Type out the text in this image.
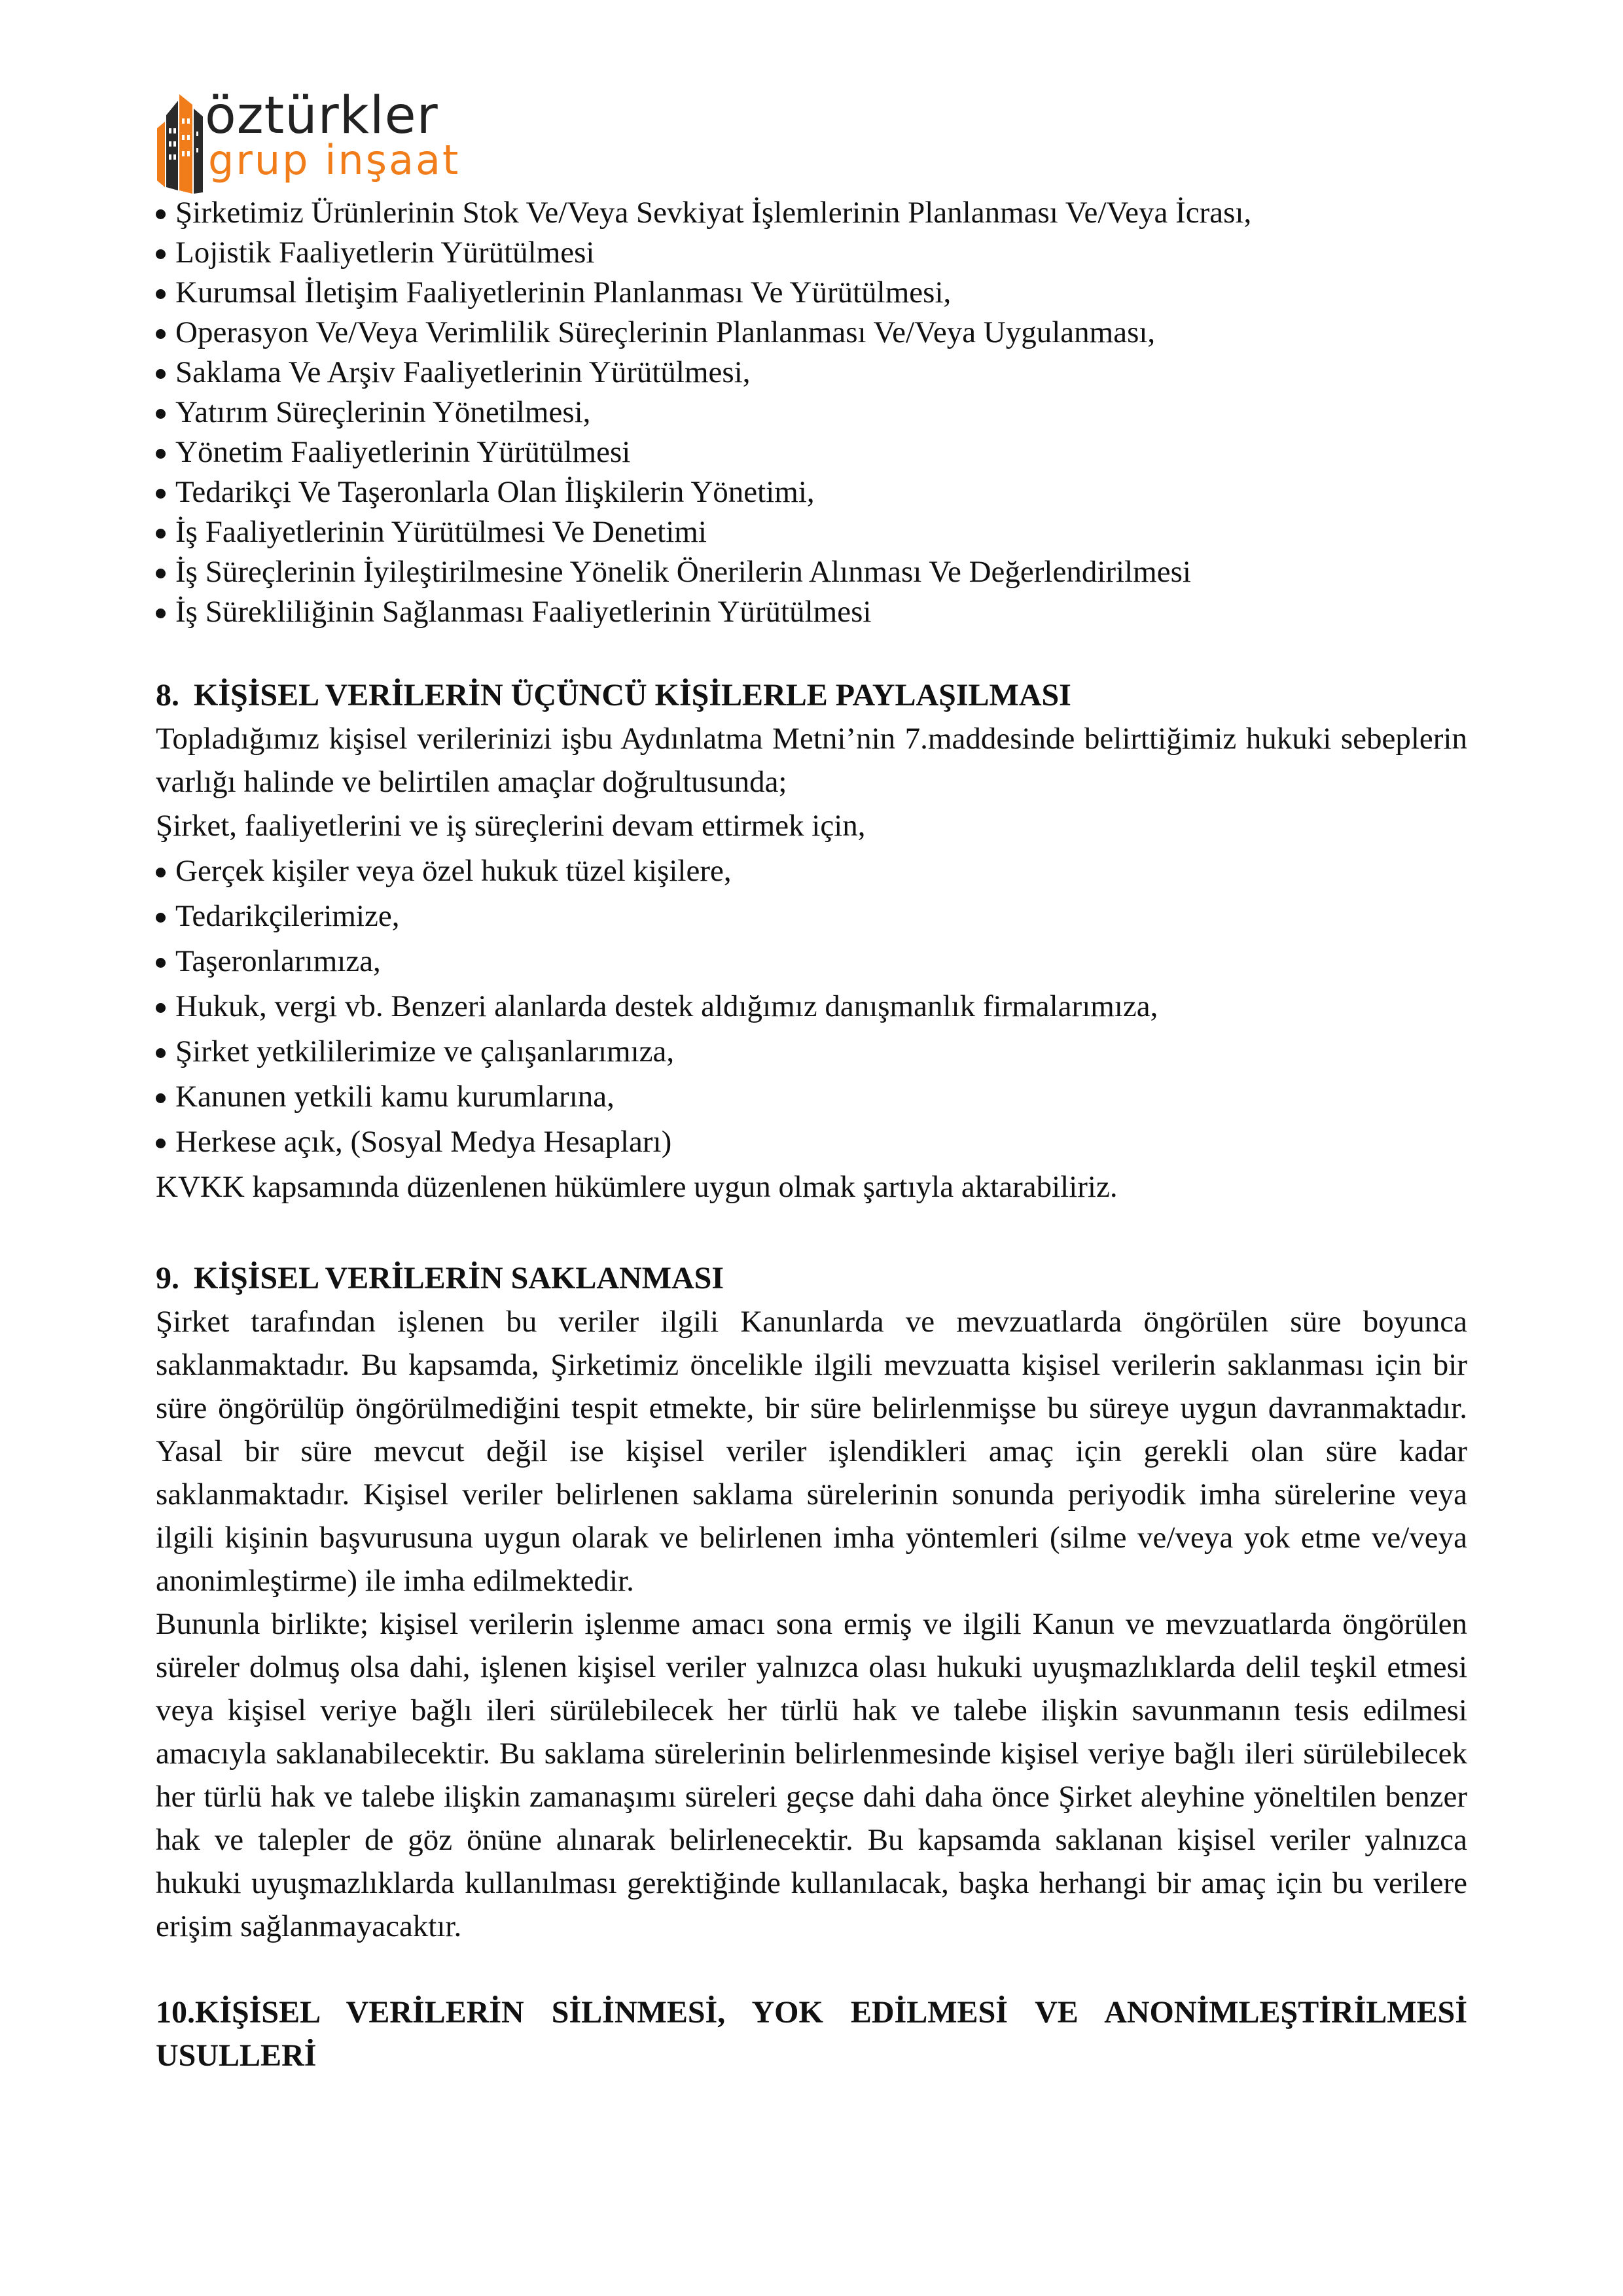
öztürkler
grup inşaat
Şirketimiz Ürünlerinin Stok Ve/Veya Sevkiyat İşlemlerinin Planlanması Ve/Veya İcrası,
Lojistik Faaliyetlerin Yürütülmesi
Kurumsal İletişim Faaliyetlerinin Planlanması Ve Yürütülmesi,
Operasyon Ve/Veya Verimlilik Süreçlerinin Planlanması Ve/Veya Uygulanması,
Saklama Ve Arşiv Faaliyetlerinin Yürütülmesi,
Yatırım Süreçlerinin Yönetilmesi,
Yönetim Faaliyetlerinin Yürütülmesi
Tedarikçi Ve Taşeronlarla Olan İlişkilerin Yönetimi,
İş Faaliyetlerinin Yürütülmesi Ve Denetimi
İş Süreçlerinin İyileştirilmesine Yönelik Önerilerin Alınması Ve Değerlendirilmesi
İş Sürekliliğinin Sağlanması Faaliyetlerinin Yürütülmesi
8. KİŞİSEL VERİLERİN ÜÇÜNCÜ KİŞİLERLE PAYLAŞILMASI

Topladığımız kişisel verilerinizi işbu Aydınlatma Metni’nin 7.maddesinde belirttiğimiz hukuki sebeplerin varlığı halinde ve belirtilen amaçlar doğrultusunda;

Şirket, faaliyetlerini ve iş süreçlerini devam ettirmek için,

Gerçek kişiler veya özel hukuk tüzel kişilere,
Tedarikçilerimize,
Taşeronlarımıza,
Hukuk, vergi vb. Benzeri alanlarda destek aldığımız danışmanlık firmalarımıza,
Şirket yetkililerimize ve çalışanlarımıza,
Kanunen yetkili kamu kurumlarına,
Herkese açık, (Sosyal Medya Hesapları)

KVKK kapsamında düzenlenen hükümlere uygun olmak şartıyla aktarabiliriz.

9. KİŞİSEL VERİLERİN SAKLANMASI

Şirket tarafından işlenen bu veriler ilgili Kanunlarda ve mevzuatlarda öngörülen süre boyunca saklanmaktadır. Bu kapsamda, Şirketimiz öncelikle ilgili mevzuatta kişisel verilerin saklanması için bir süre öngörülüp öngörülmediğini tespit etmekte, bir süre belirlenmişse bu süreye uygun davranmaktadır. Yasal bir süre mevcut değil ise kişisel veriler işlendikleri amaç için gerekli olan süre kadar saklanmaktadır. Kişisel veriler belirlenen saklama sürelerinin sonunda periyodik imha sürelerine veya ilgili kişinin başvurusuna uygun olarak ve belirlenen imha yöntemleri (silme ve/veya yok etme ve/veya anonimleştirme) ile imha edilmektedir.

Bununla birlikte; kişisel verilerin işlenme amacı sona ermiş ve ilgili Kanun ve mevzuatlarda öngörülen süreler dolmuş olsa dahi, işlenen kişisel veriler yalnızca olası hukuki uyuşmazlıklarda delil teşkil etmesi veya kişisel veriye bağlı ileri sürülebilecek her türlü hak ve talebe ilişkin savunmanın tesis edilmesi amacıyla saklanabilecektir. Bu saklama sürelerinin belirlenmesinde kişisel veriye bağlı ileri sürülebilecek her türlü hak ve talebe ilişkin zamanaşımı süreleri geçse dahi daha önce Şirket aleyhine yöneltilen benzer hak ve talepler de göz önüne alınarak belirlenecektir. Bu kapsamda saklanan kişisel veriler yalnızca hukuki uyuşmazlıklarda kullanılması gerektiğinde kullanılacak, başka herhangi bir amaç için bu verilere erişim sağlanmayacaktır.

10.KİŞİSEL VERİLERİN SİLİNMESİ, YOK EDİLMESİ VE ANONİMLEŞTİRİLMESİ USULLERİ
